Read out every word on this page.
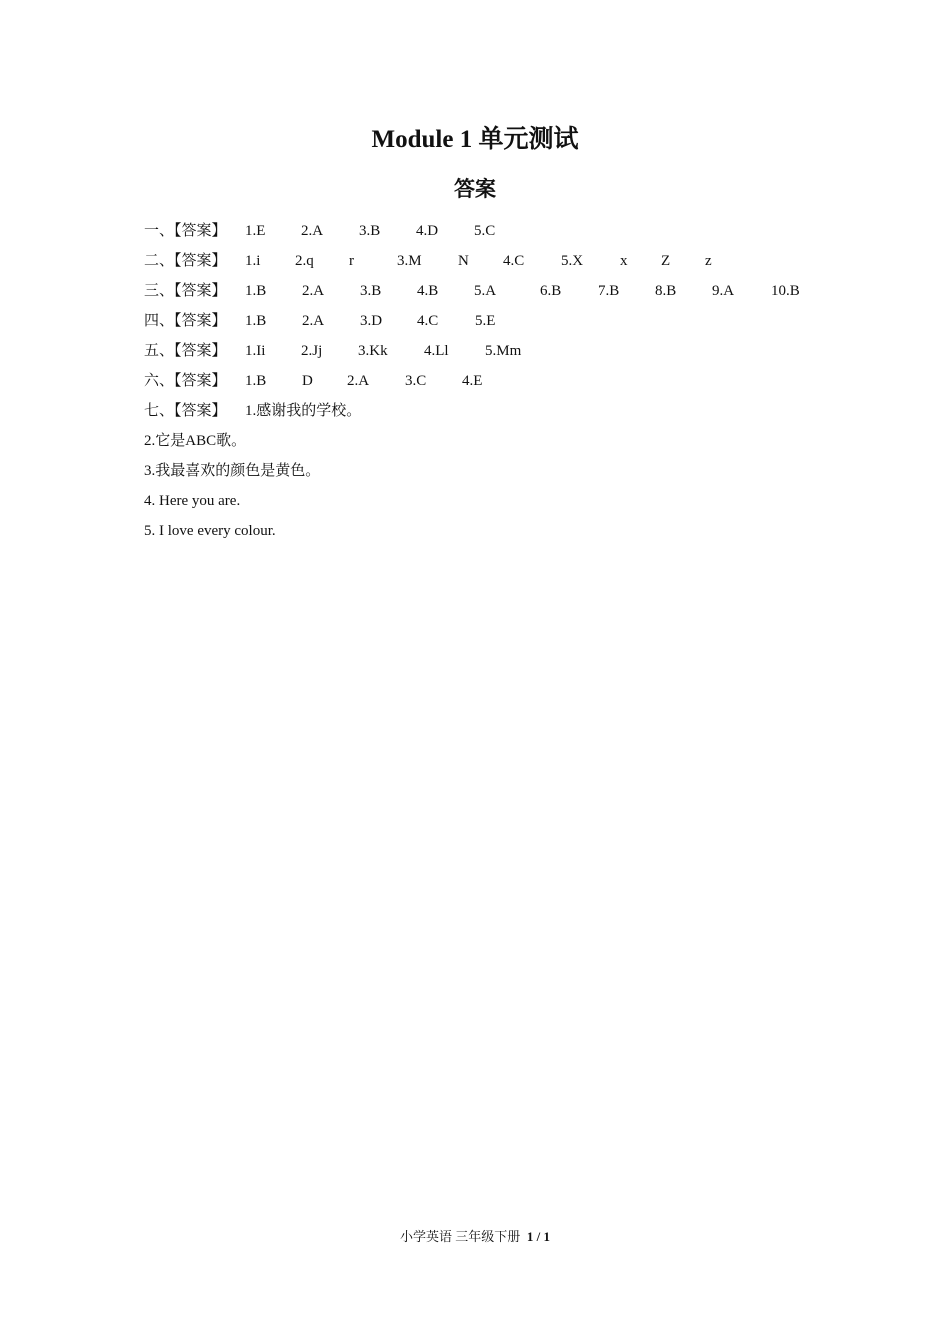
Module 1 单元测试
答案
一、【答案】 1.E 2.A 3.B 4.D 5.C
二、【答案】 1.i 2.q r	3.M N 4.C 5.X x Z z
三、【答案】 1.B 2.A 3.B 4.B 5.A	6.B 7.B 8.B 9.A 10.B
四、【答案】 1.B 2.A 3.D 4.C 5.E
五、【答案】 1.Ii 2.Jj 3.Kk 4.Ll 5.Mm
六、【答案】 1.B D 2.A 3.C 4.E
七、【答案】 1.感谢我的学校。
2.它是ABC歌。
3.我最喜欢的颜色是黄色。
4. Here you are.
5. I love every colour.
小学英语 三年级下册 1 / 1
